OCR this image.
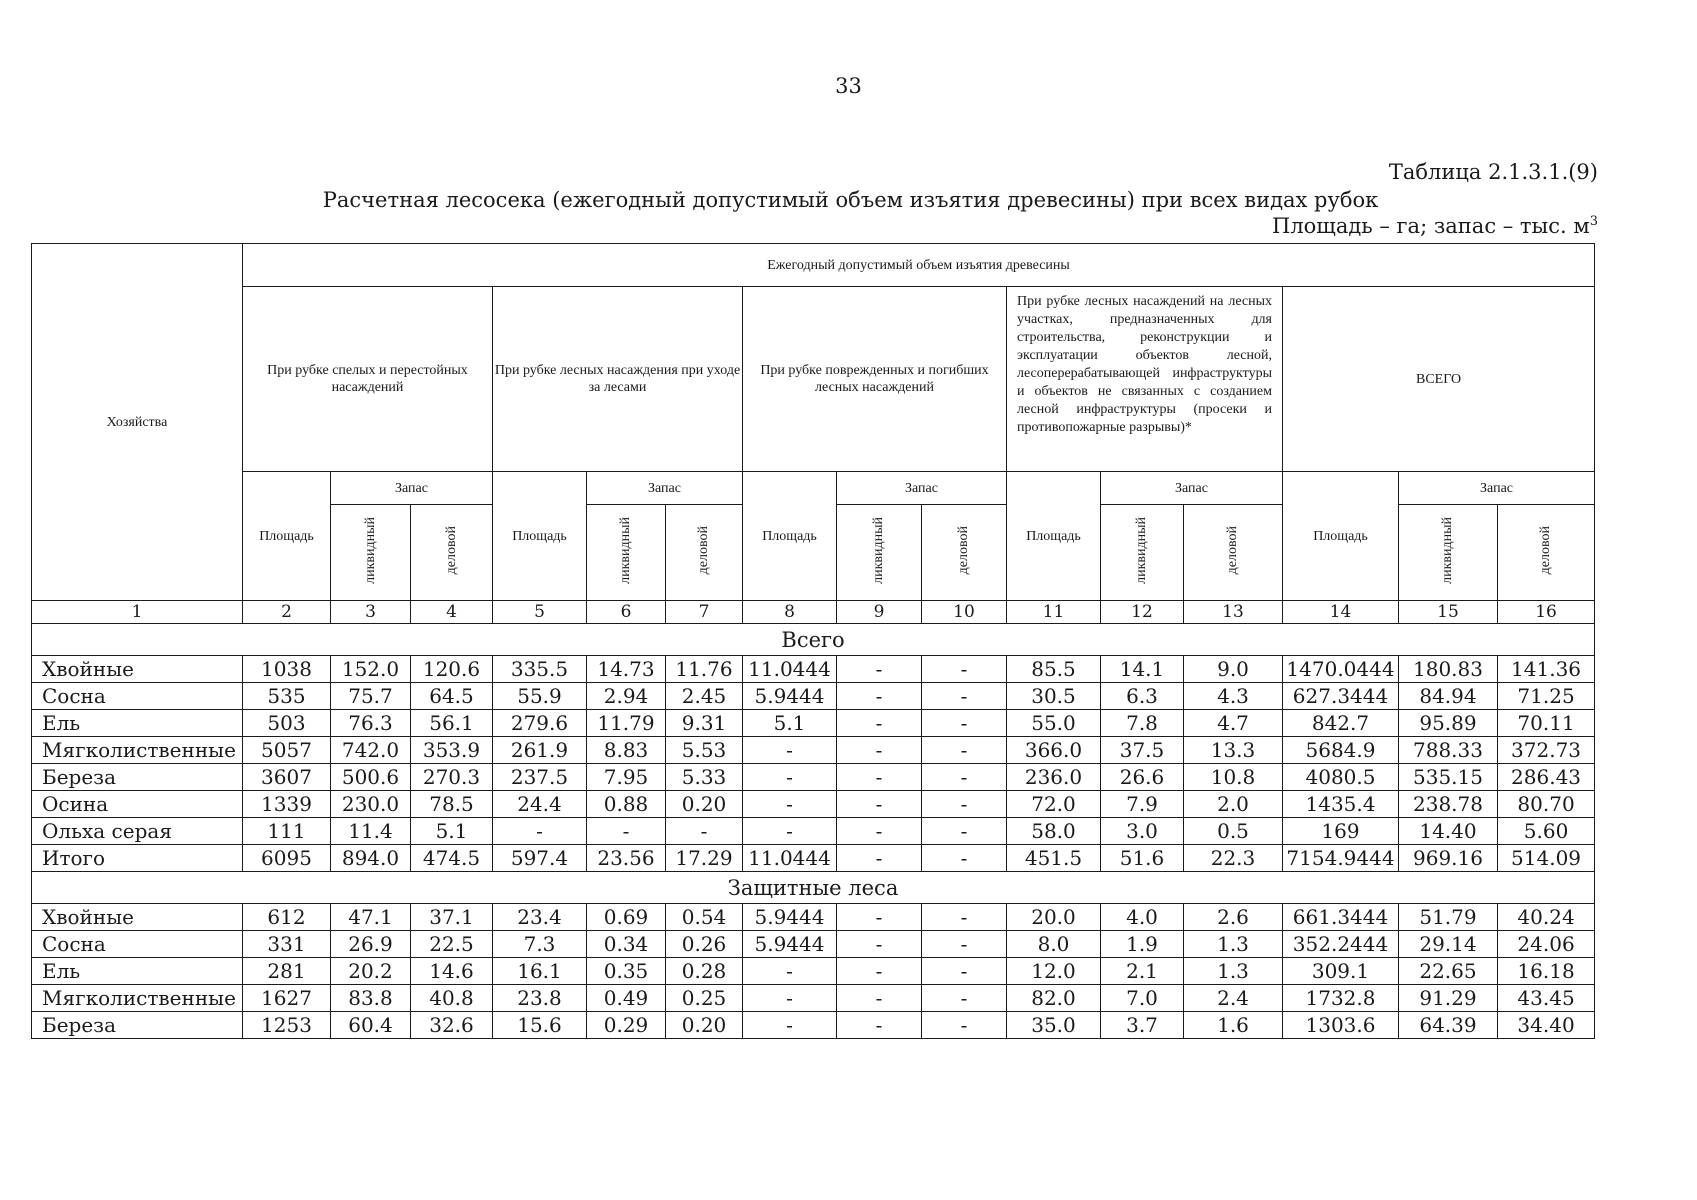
33
Таблица 2.1.3.1.(9)
Расчетная лесосека (ежегодный допустимый объем изъятия древесины) при всех видах рубок
Площадь – га; запас – тыс. $м^3$
Хозяйства	Ежегодный допустимый объем изъятия древесины														
	При рубке спелых и перестойных насаждений			При рубке лесных насаждения при уходе за лесами			При рубке поврежденных и погибших лесных насаждений			При рубке лесных насаждений на лесных участках, предназначенных для строительства, реконструкции и эксплуатации объектов лесной, лесоперерабатывающей инфраструктуры и объектов не связанных с созданием лесной инфраструктуры (просеки и противопожарные разрывы)*			ВСЕГО		
	Площадь	Запас		Площадь	Запас		Площадь	Запас		Площадь	Запас		Площадь	Запас	
		ликвидный	деловой		ликвидный	деловой		ликвидный	деловой		ликвидный	деловой		ликвидный	деловой
1	2	3	4	5	6	7	8	9	10	11	12	13	14	15	16
Всего															
Хвойные	1038	152.0	120.6	335.5	14.73	11.76	11.0444	-	-	85.5	14.1	9.0	1470.0444	180.83	141.36
Сосна	535	75.7	64.5	55.9	2.94	2.45	5.9444	-	-	30.5	6.3	4.3	627.3444	84.94	71.25
Ель	503	76.3	56.1	279.6	11.79	9.31	5.1	-	-	55.0	7.8	4.7	842.7	95.89	70.11
Мягколиственные	5057	742.0	353.9	261.9	8.83	5.53	-	-	-	366.0	37.5	13.3	5684.9	788.33	372.73
Береза	3607	500.6	270.3	237.5	7.95	5.33	-	-	-	236.0	26.6	10.8	4080.5	535.15	286.43
Осина	1339	230.0	78.5	24.4	0.88	0.20	-	-	-	72.0	7.9	2.0	1435.4	238.78	80.70
Ольха серая	111	11.4	5.1	-	-	-	-	-	-	58.0	3.0	0.5	169	14.40	5.60
Итого	6095	894.0	474.5	597.4	23.56	17.29	11.0444	-	-	451.5	51.6	22.3	7154.9444	969.16	514.09
Защитные леса															
Хвойные	612	47.1	37.1	23.4	0.69	0.54	5.9444	-	-	20.0	4.0	2.6	661.3444	51.79	40.24
Сосна	331	26.9	22.5	7.3	0.34	0.26	5.9444	-	-	8.0	1.9	1.3	352.2444	29.14	24.06
Ель	281	20.2	14.6	16.1	0.35	0.28	-	-	-	12.0	2.1	1.3	309.1	22.65	16.18
Мягколиственные	1627	83.8	40.8	23.8	0.49	0.25	-	-	-	82.0	7.0	2.4	1732.8	91.29	43.45
Береза	1253	60.4	32.6	15.6	0.29	0.20	-	-	-	35.0	3.7	1.6	1303.6	64.39	34.40
